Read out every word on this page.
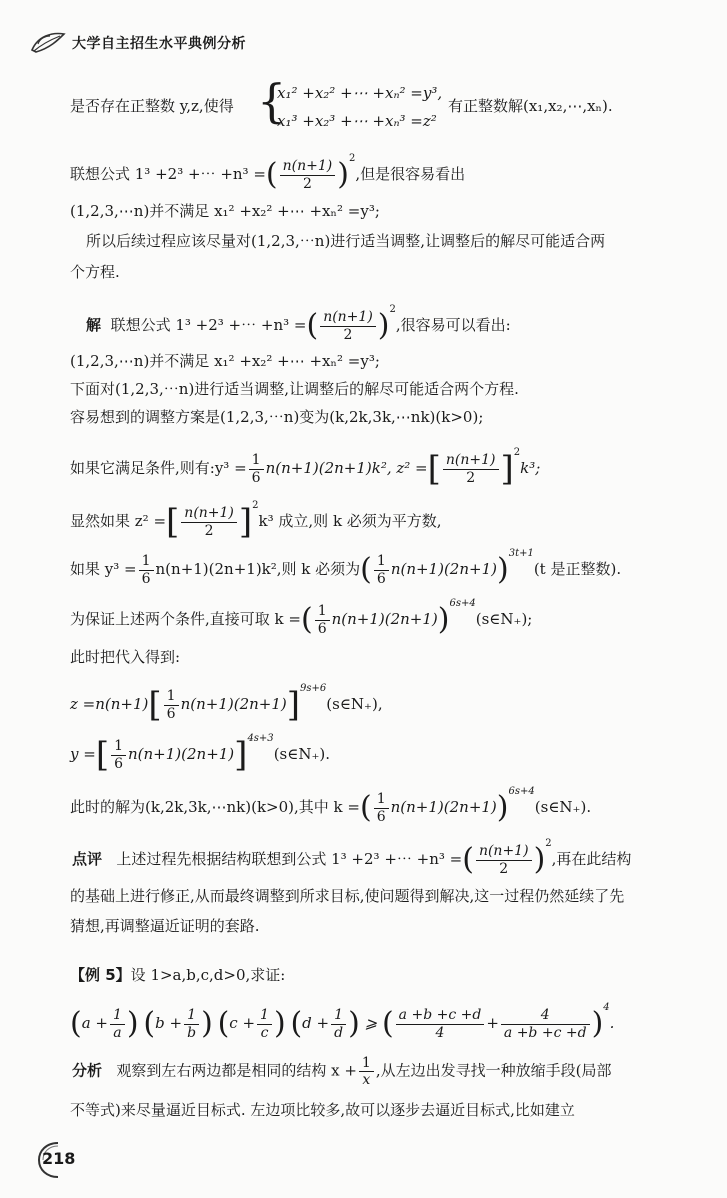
大学自主招生水平典例分析
是否存在正整数 y,z,使得 {
x₁² +x₂² +⋯ +xₙ² =y³,
x₁³ +x₂³ +⋯ +xₙ³ =z²
有正整数解(x₁,x₂,⋯,xₙ).
联想公式 1³ +2³ +⋯ +n³ =( $\frac{n(n+1)}{2} )^2$,但是很容易看出
(1,2,3,⋯n)并不满足 x₁² +x₂² +⋯ +xₙ² =y³;
所以后续过程应该尽量对(1,2,3,⋯n)进行适当调整,让调整后的解尽可能适合两
个方程.
解 联想公式 1³ +2³ +⋯ +n³ =( $\frac{n(n+1)}{2} )^2$,很容易可以看出:
(1,2,3,⋯n)并不满足 x₁² +x₂² +⋯ +xₙ² =y³;
下面对(1,2,3,⋯n)进行适当调整,让调整后的解尽可能适合两个方程.
容易想到的调整方案是(1,2,3,⋯n)变为(k,2k,3k,⋯nk)(k>0);
如果它满足条件,则有:y³ = $\frac{1}{6} n(n+1)(2n+1)k^2$, z² =[ $\frac{n(n+1)}{2} ]^2k^3$;
显然如果 z² =[ $\frac{n(n+1)}{2} ]^2k^3$ 成立,则 k 必须为平方数,
如果 $y^3 = \frac{1}{6} n(n+1)(2n+1)k^2$,则 k 必须为( $\frac{1}{6} n(n+1)(2n+1))^{3t+1}(t$ 是正整数).
为保证上述两个条件,直接可取 k =( $\frac{1}{6}$ n(n+1)(2n+1))$^{6s+4}$(s∈N₊);
此时把代入得到:
$z =n(n+1)[ \frac{1}{6}$ $n(n+1)(2n+1)]^{9s+6}(s\in N_+)$,
y =[ $\frac{1}{6}$ n(n+1)(2n+1)]$^{4s+3}$(s∈N₊).
此时的解为(k,2k,3k,⋯nk)(k>0),其中 k =( $\frac{1}{6}$ n(n+1)(2n+1))$^{6s+4}$(s∈N₊).
点评 上述过程先根据结构联想到公式 1³ +2³ +⋯ +n³ =( $\frac{n(n+1)}{2} )^2$,再在此结构
的基础上进行修正,从而最终调整到所求目标,使问题得到解决,这一过程仍然延续了先
猜想,再调整逼近证明的套路.
【例 5】设 1>a,b,c,d>0,求证:
($a + \frac{1}{a}$ ) ($b + \frac{1}{b}$ ) ($c + \frac{1}{c}$ ) ($d + \frac{1}{d}$ ) ⩾ ( $\frac{a +b +c +d}{4} + \frac{4}{a +b +c +d} )^4$.
分析 观察到左右两边都是相同的结构 $x + \frac{1}{x}$ ,从左边出发寻找一种放缩手段(局部
不等式)来尽量逼近目标式. 左边项比较多,故可以逐步去逼近目标式,比如建立
218
